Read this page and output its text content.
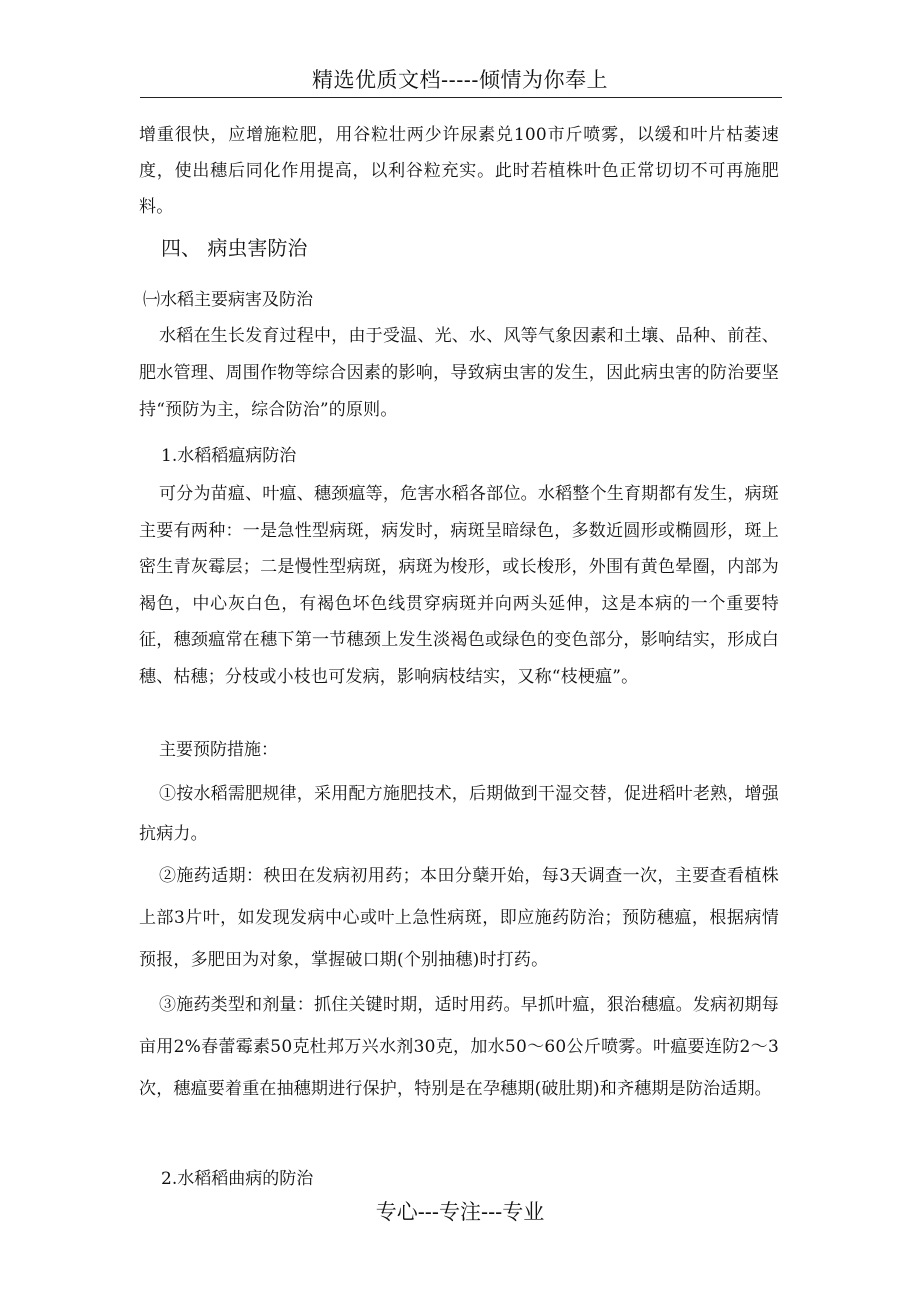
精选优质文档-----倾情为你奉上
增重很快，应增施粒肥，用谷粒壮两少许尿素兑100市斤喷雾，以缓和叶片枯萎速度，使出穗后同化作用提高，以利谷粒充实。此时若植株叶色正常切切不可再施肥料。
四、 病虫害防治
㈠水稻主要病害及防治
水稻在生长发育过程中，由于受温、光、水、风等气象因素和土壤、品种、前茬、肥水管理、周围作物等综合因素的影响，导致病虫害的发生，因此病虫害的防治要坚持“预防为主，综合防治”的原则。
1.水稻稻瘟病防治
可分为苗瘟、叶瘟、穗颈瘟等，危害水稻各部位。水稻整个生育期都有发生，病斑主要有两种：一是急性型病斑，病发时，病斑呈暗绿色，多数近圆形或椭圆形，斑上密生青灰霉层；二是慢性型病斑，病斑为梭形，或长梭形，外围有黄色晕圈，内部为褐色，中心灰白色，有褐色坏色线贯穿病斑并向两头延伸，这是本病的一个重要特征，穗颈瘟常在穗下第一节穗颈上发生淡褐色或绿色的变色部分，影响结实，形成白穗、枯穗；分枝或小枝也可发病，影响病枝结实，又称“枝梗瘟”。
主要预防措施：
①按水稻需肥规律，采用配方施肥技术，后期做到干湿交替，促进稻叶老熟，增强抗病力。
②施药适期：秧田在发病初用药；本田分蘖开始，每3天调查一次，主要查看植株上部3片叶，如发现发病中心或叶上急性病斑，即应施药防治；预防穗瘟，根据病情预报，多肥田为对象，掌握破口期(个别抽穗)时打药。
③施药类型和剂量：抓住关键时期，适时用药。早抓叶瘟，狠治穗瘟。发病初期每亩用2%春蕾霉素50克杜邦万兴水剂30克，加水50～60公斤喷雾。叶瘟要连防2～3次，穗瘟要着重在抽穗期进行保护，特别是在孕穗期(破肚期)和齐穗期是防治适期。
2.水稻稻曲病的防治
专心---专注---专业
